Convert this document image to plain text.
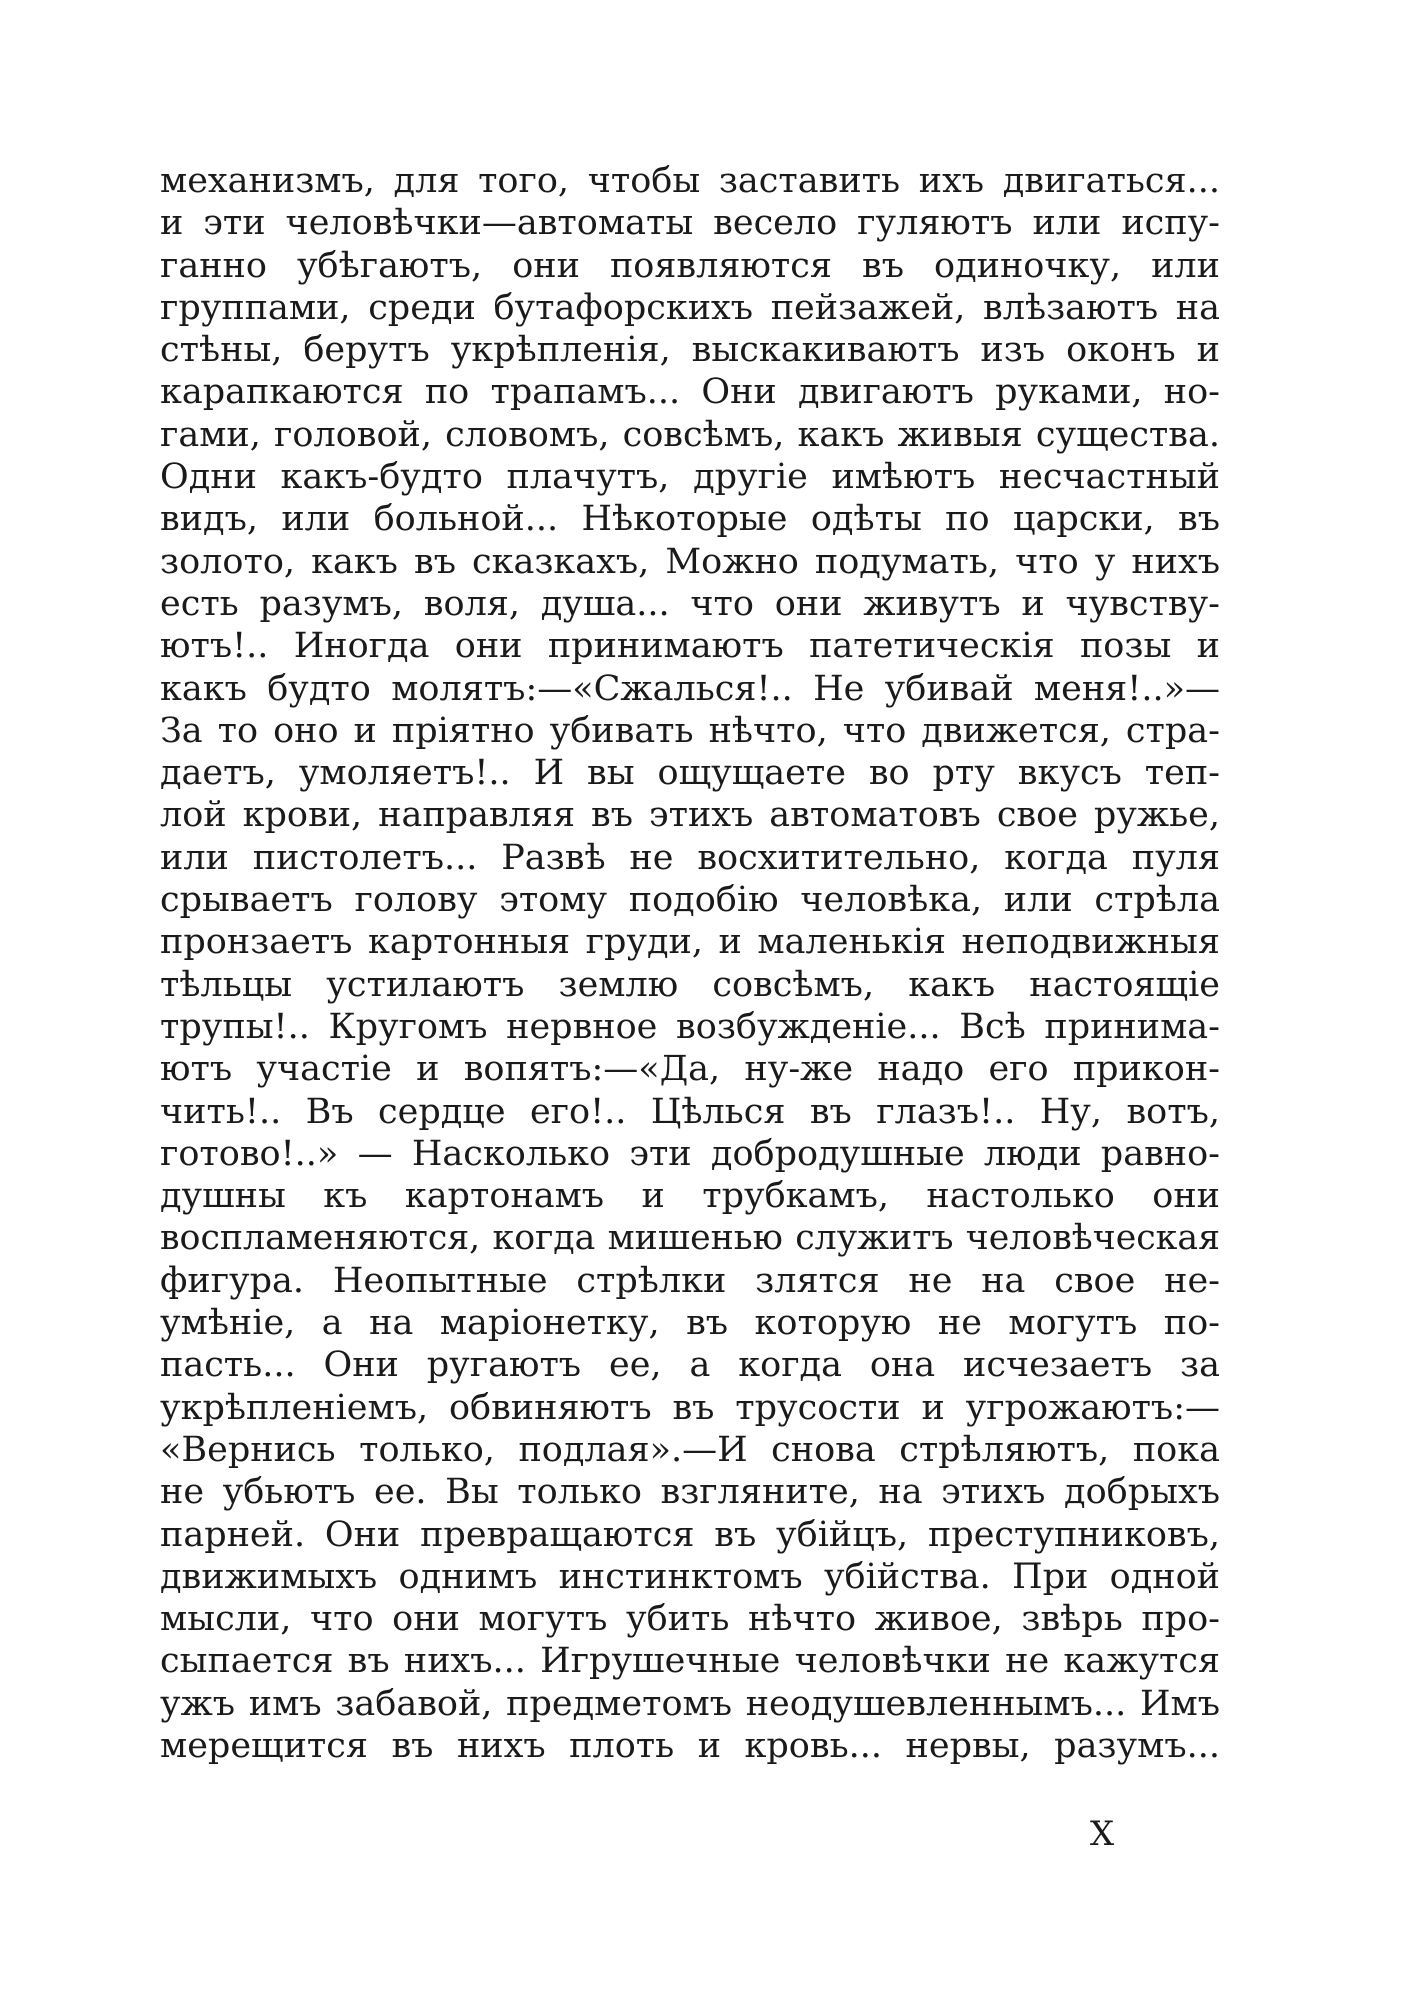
механизмъ, для того, чтобы заставить ихъ двигаться...
и эти человѣчки—автоматы весело гуляютъ или испу-
ганно убѣгаютъ, они появляются въ одиночку, или
группами, среди бутафорскихъ пейзажей, влѣзаютъ на
стѣны, берутъ укрѣпленія, выскакиваютъ изъ оконъ и
карапкаются по трапамъ... Они двигаютъ руками, но-
гами, головой, словомъ, совсѣмъ, какъ живыя существа.
Одни какъ-будто плачутъ, другіе имѣютъ несчастный
видъ, или больной... Нѣкоторые одѣты по царски, въ
золото, какъ въ сказкахъ, Можно подумать, что у нихъ
есть разумъ, воля, душа... что они живутъ и чувству-
ютъ!.. Иногда они принимаютъ патетическія позы и
какъ будто молятъ:—«Сжалься!.. Не убивай меня!..»—
За то оно и пріятно убивать нѣчто, что движется, стра-
даетъ, умоляетъ!.. И вы ощущаете во рту вкусъ теп-
лой крови, направляя въ этихъ автоматовъ свое ружье,
или пистолетъ... Развѣ не восхитительно, когда пуля
срываетъ голову этому подобію человѣка, или стрѣла
пронзаетъ картонныя груди, и маленькія неподвижныя
тѣльцы устилаютъ землю совсѣмъ, какъ настоящіе
трупы!.. Кругомъ нервное возбужденіе... Всѣ принима-
ютъ участіе и вопятъ:—«Да, ну-же надо его прикон-
чить!.. Въ сердце его!.. Цѣлься въ глазъ!.. Ну, вотъ,
готово!..» — Насколько эти добродушные люди равно-
душны къ картонамъ и трубкамъ, настолько они
воспламеняются, когда мишенью служитъ человѣческая
фигура. Неопытные стрѣлки злятся не на свое не-
умѣніе, а на маріонетку, въ которую не могутъ по-
пасть... Они ругаютъ ее, а когда она исчезаетъ за
укрѣпленіемъ, обвиняютъ въ трусости и угрожаютъ:—
«Вернись только, подлая».—И снова стрѣляютъ, пока
не убьютъ ее. Вы только взгляните, на этихъ добрыхъ
парней. Они превращаются въ убійцъ, преступниковъ,
движимыхъ однимъ инстинктомъ убійства. При одной
мысли, что они могутъ убить нѣчто живое, звѣрь про-
сыпается въ нихъ... Игрушечные человѣчки не кажутся
ужъ имъ забавой, предметомъ неодушевленнымъ... Имъ
мерещится въ нихъ плоть и кровь... нервы, разумъ...
X
